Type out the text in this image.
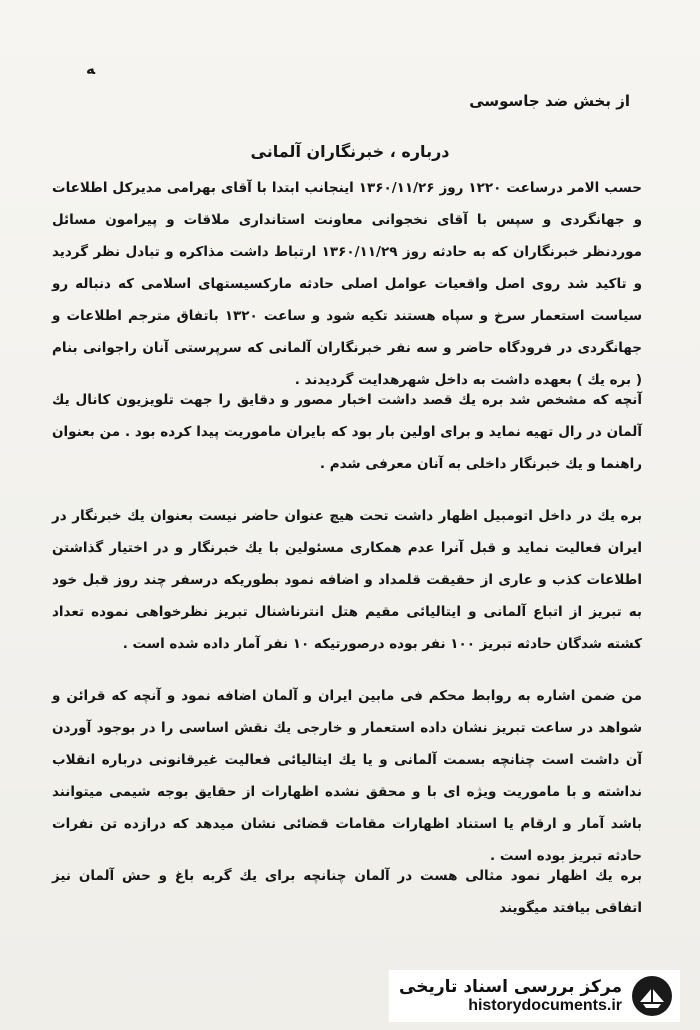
ﻪ
از بخش ضد جاسوسی
درباره ، خبرنگاران آلمانی
حسب الامر درساعت ۱۲۲۰ روز ۱۳۶۰/۱۱/۲۶ اینجانب ابتدا با آقای بهرامی مدیرکل اطلاعات و جهانگردی و سپس با آقای نخجوانی معاونت استانداری ملاقات و پیرامون مسائل موردنظر خبرنگاران که به حادثه روز ۱۳۶۰/۱۱/۲۹ ارتباط داشت مذاکره و تبادل نظر گردید و تاکید شد روی اصل واقعیات عوامل اصلی حادثه مارکسیستهای اسلامی که دنباله رو سیاست استعمار سرخ و سپاه هستند تکیه شود و ساعت ۱۳۲۰ باتفاق مترجم اطلاعات و جهانگردی در فرودگاه حاضر و سه نفر خبرنگاران آلمانی که سرپرستی آنان راجوانی بنام ( بره یك ) بعهده داشت به داخل شهرهدایت گردیدند .
آنچه که مشخص شد بره یك قصد داشت اخبار مصور و دقایق را جهت تلویزیون کانال یك آلمان در رال تهیه نماید و برای اولین بار بود که بایران ماموریت پیدا کرده بود . من بعنوان راهنما و یك خبرنگار داخلی به آنان معرفی شدم .
بره یك در داخل اتومبیل اظهار داشت تحت هیچ عنوان حاضر نیست بعنوان یك خبرنگار در ایران فعالیت نماید و قبل آنرا عدم همکاری مسئولین با یك خبرنگار و در اختیار گذاشتن اطلاعات کذب و عاری از حقیقت قلمداد و اضافه نمود بطوریکه درسفر چند روز قبل خود به تبریز از اتباع آلمانی و ایتالیائی مقیم هتل انترناشنال تبریز نظرخواهی نموده تعداد کشته شدگان حادثه تبریز ۱۰۰ نفر بوده درصورتیکه ۱۰ نفر آمار داده شده است .
من ضمن اشاره به روابط محکم فی مابین ایران و آلمان اضافه نمود و آنچه که قرائن و شواهد در ساعت تبریز نشان داده استعمار و خارجی یك نقش اساسی را در بوجود آوردن آن داشت است چنانچه بسمت آلمانی و یا یك ایتالیائی فعالیت غیرقانونی درباره انقلاب نداشته و با ماموریت ویژه ای با و محقق نشده اظهارات از حقایق بوجه شیمی میتوانند باشد آمار و ارقام یا استناد اظهارات مقامات قضائی نشان میدهد که درازده تن نفرات حادثه تبریز بوده است .
بره یك اظهار نمود مثالی هست در آلمان چنانچه برای یك گربه باغ و حش آلمان نیز اتفاقی بیافتد میگویند
مرکز بررسی اسناد تاریخی
historydocuments.ir
